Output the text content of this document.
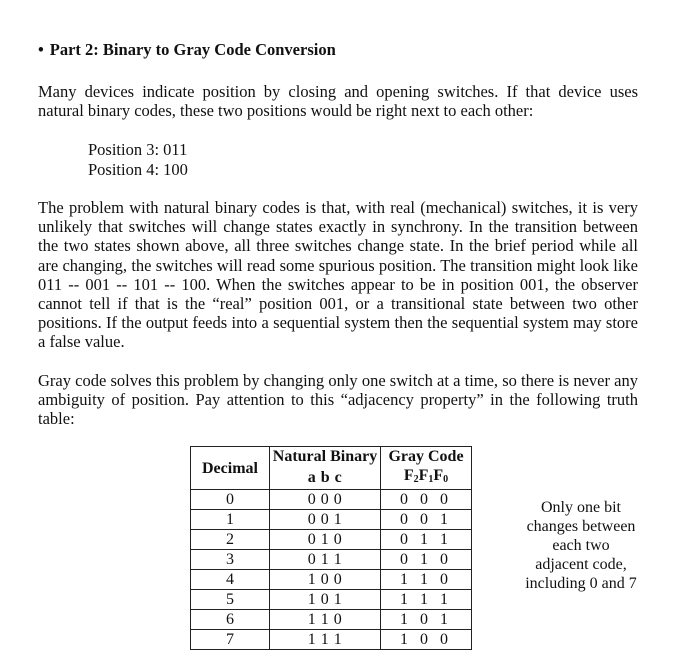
• Part 2: Binary to Gray Code Conversion

Many devices indicate position by closing and opening switches. If that device uses natural binary codes, these two positions would be right next to each other:

Position 3: 011
Position 4: 100

The problem with natural binary codes is that, with real (mechanical) switches, it is very unlikely that switches will change states exactly in synchrony. In the transition between the two states shown above, all three switches change state. In the brief period while all are changing, the switches will read some spurious position. The transition might look like 011 -- 001 -- 101 -- 100. When the switches appear to be in position 001, the observer cannot tell if that is the “real” position 001, or a transitional state between two other positions. If the output feeds into a sequential system then the sequential system may store a false value.

Gray code solves this problem by changing only one switch at a time, so there is never any ambiguity of position. Pay attention to this “adjacency property” in the following truth table:

Decimal	Natural Binary	Gray Code
	a b c	$F_2F_1F_0$
0	0 0 0	0 0 0
1	0 0 1	0 0 1
2	0 1 0	0 1 1
3	0 1 1	0 1 0
4	1 0 0	1 1 0
5	1 0 1	1 1 1
6	1 1 0	1 0 1
7	1 1 1	1 0 0
Only one bit
changes between
each two
adjacent code,
including 0 and 7
